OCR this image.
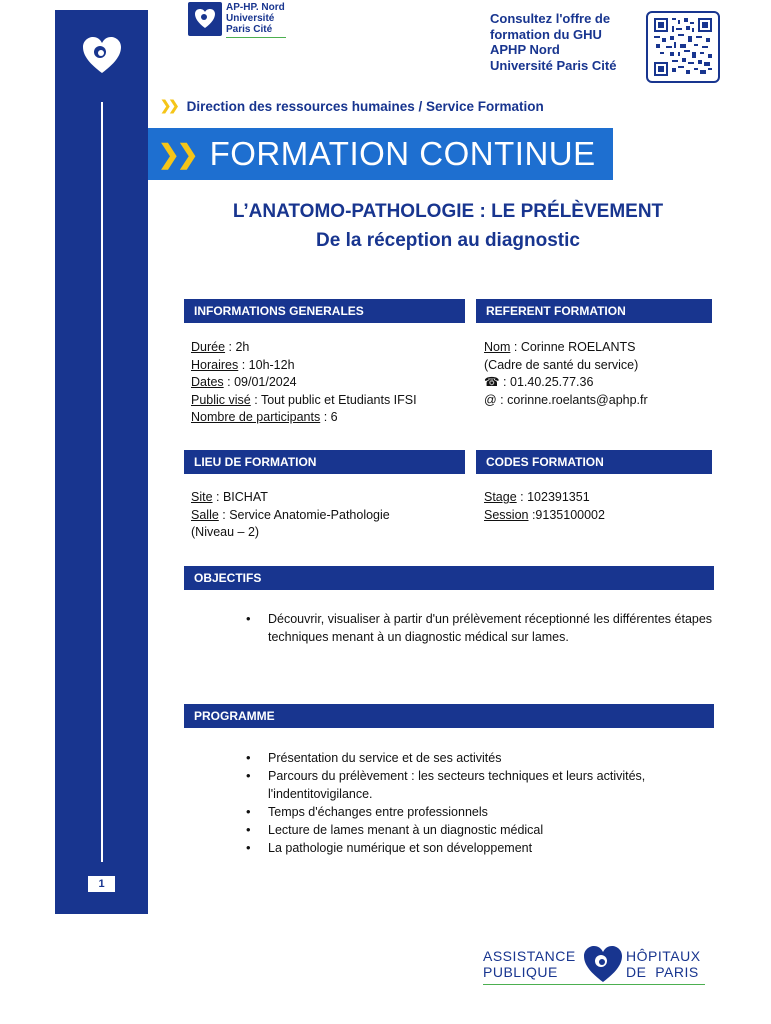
1
AP-HP. Nord
Université
Paris Cité
Consultez l'offre de
formation du GHU
APHP Nord
Université Paris Cité
❯❯ Direction des ressources humaines / Service Formation
❯❯ FORMATION CONTINUE
L’ANATOMO-PATHOLOGIE : LE PRÉLÈVEMENT
De la réception au diagnostic
INFORMATIONS GENERALES
Durée : 2h
Horaires : 10h-12h
Dates : 09/01/2024
Public visé : Tout public et Etudiants IFSI
Nombre de participants : 6
REFERENT FORMATION
Nom : Corinne ROELANTS
(Cadre de santé du service)
☎ : 01.40.25.77.36
@ : corinne.roelants@aphp.fr
LIEU DE FORMATION
Site : BICHAT
Salle : Service Anatomie-Pathologie
(Niveau – 2)
CODES FORMATION
Stage : 102391351
Session :9135100002
OBJECTIFS
• Découvrir, visualiser à partir d'un prélèvement réceptionné les différentes étapes techniques menant à un diagnostic médical sur lames.
PROGRAMME
• Présentation du service et de ses activités
• Parcours du prélèvement : les secteurs techniques et leurs activités, l'indentitovigilance.
• Temps d'échanges entre professionnels
• Lecture de lames menant à un diagnostic médical
• La pathologie numérique et son développement
ASSISTANCE
PUBLIQUE
HÔPITAUX
DE  PARIS
